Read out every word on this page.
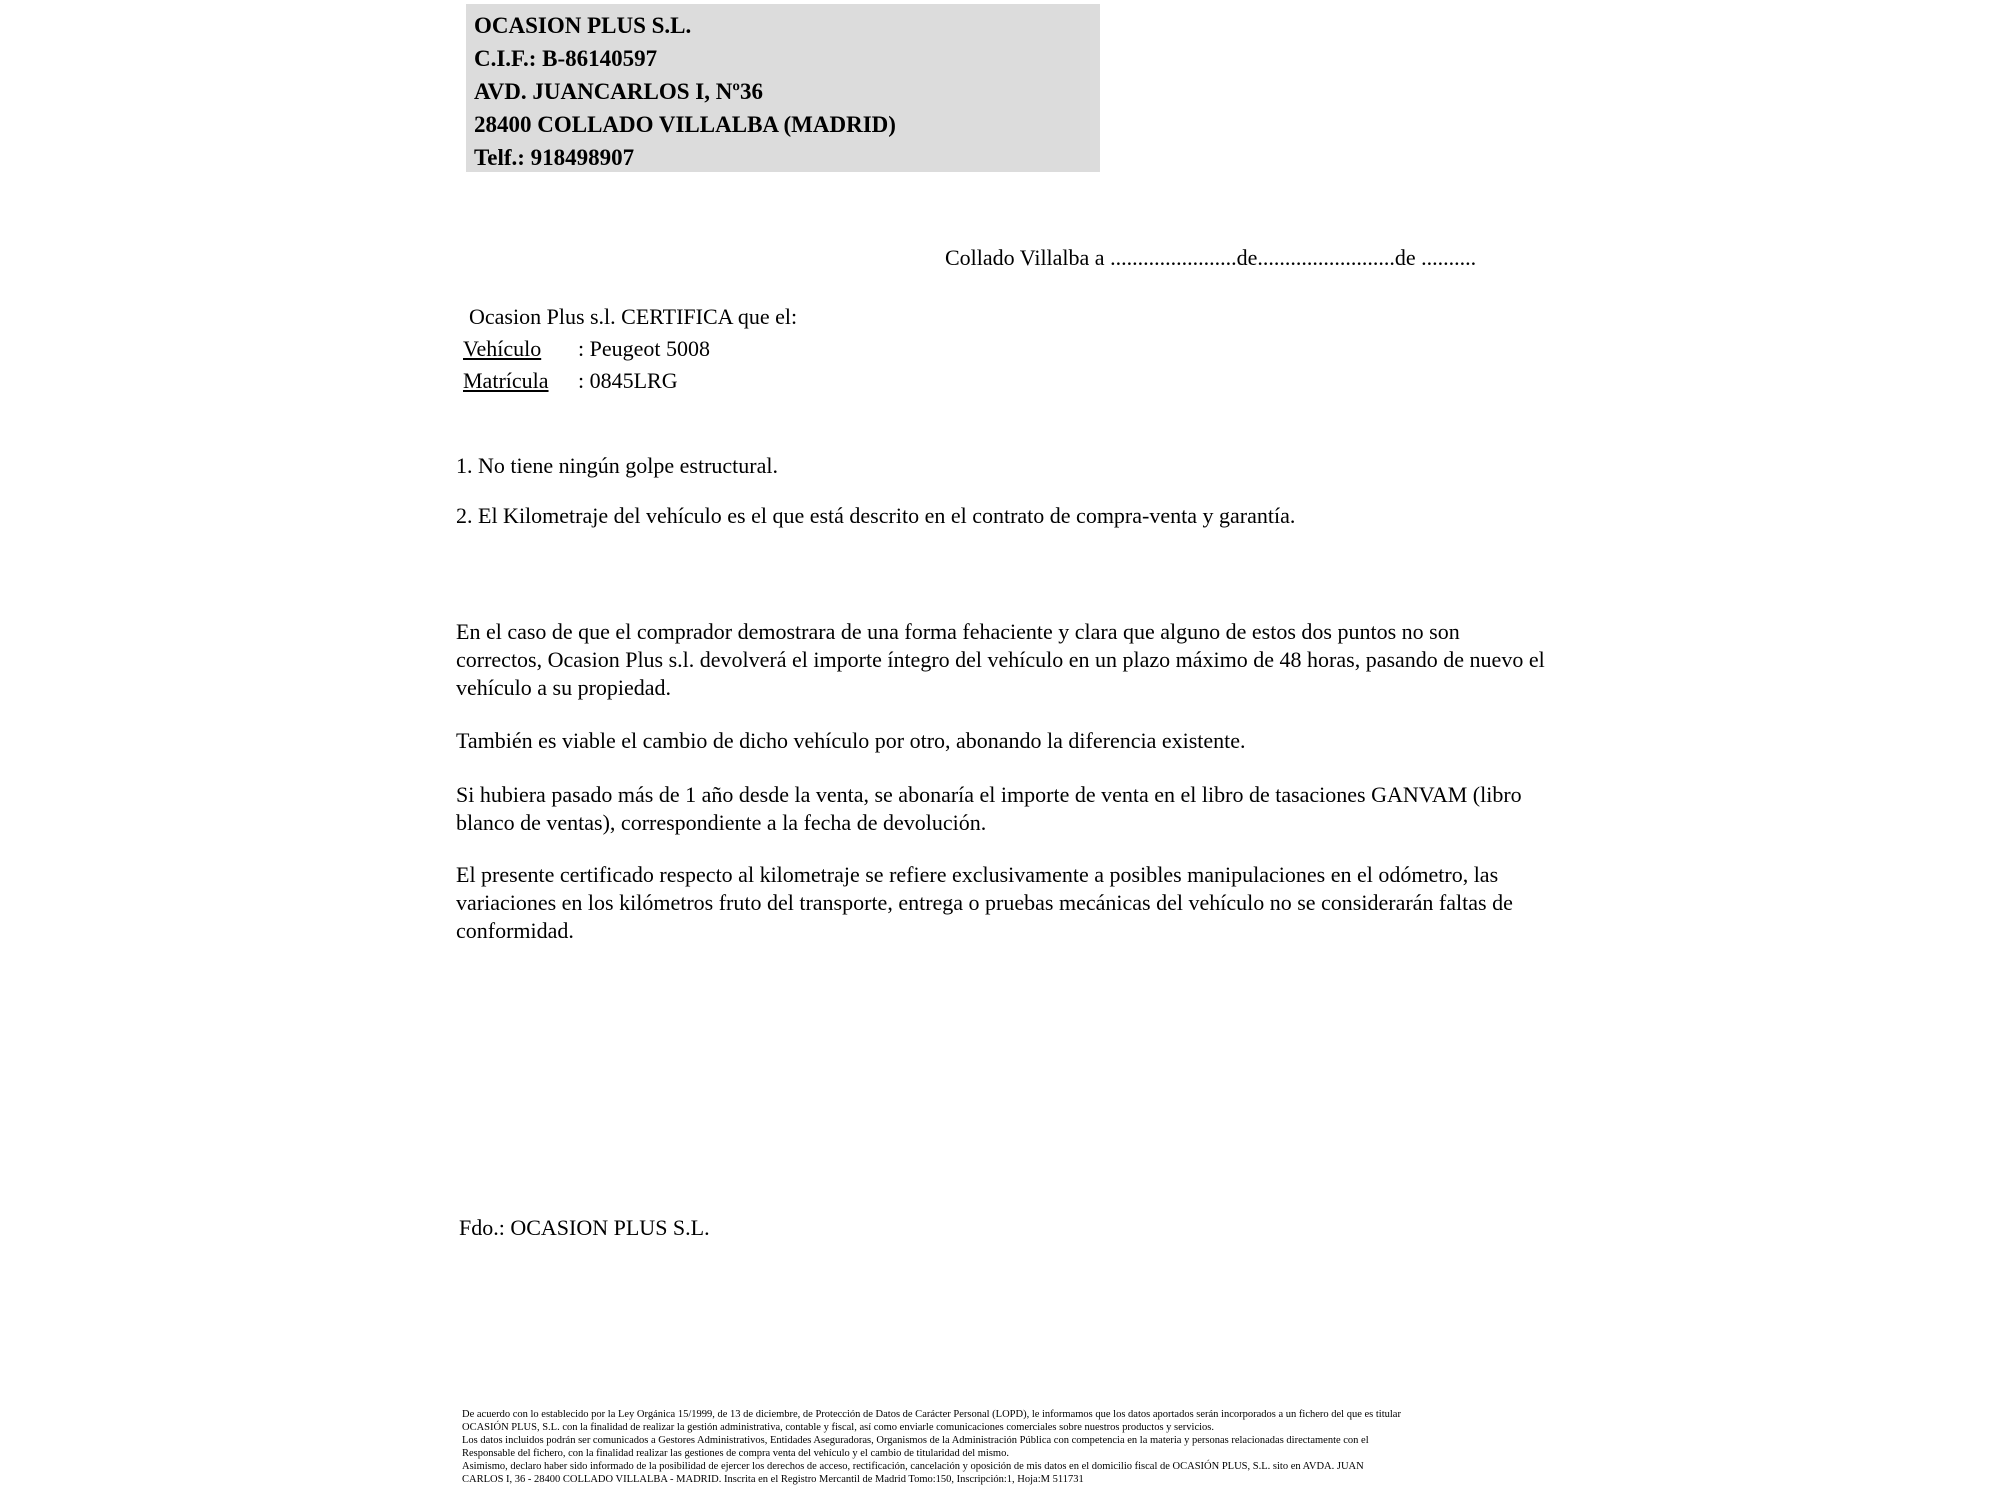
OCASION PLUS S.L.
C.I.F.: B-86140597
AVD. JUANCARLOS I, Nº36
28400 COLLADO VILLALBA (MADRID)
Telf.: 918498907
Collado Villalba a .......................de.........................de ..........
Ocasion Plus s.l. CERTIFICA que el:
Vehículo : Peugeot 5008
Matrícula : 0845LRG
1. No tiene ningún golpe estructural.
2. El Kilometraje del vehículo es el que está descrito en el contrato de compra-venta y garantía.
En el caso de que el comprador demostrara de una forma fehaciente y clara que alguno de estos dos puntos no son correctos, Ocasion Plus s.l. devolverá el importe íntegro del vehículo en un plazo máximo de 48 horas, pasando de nuevo el vehículo a su propiedad.
También es viable el cambio de dicho vehículo por otro, abonando la diferencia existente.
Si hubiera pasado más de 1 año desde la venta, se abonaría el importe de venta en el libro de tasaciones GANVAM (libro blanco de ventas), correspondiente a la fecha de devolución.
El presente certificado respecto al kilometraje se refiere exclusivamente a posibles manipulaciones en el odómetro, las variaciones en los kilómetros fruto del transporte, entrega o pruebas mecánicas del vehículo no se considerarán faltas de conformidad.
Fdo.: OCASION PLUS S.L.
De acuerdo con lo establecido por la Ley Orgánica 15/1999, de 13 de diciembre, de Protección de Datos de Carácter Personal (LOPD), le informamos que los datos aportados serán incorporados a un fichero del que es titular
OCASIÓN PLUS, S.L. con la finalidad de realizar la gestión administrativa, contable y fiscal, así como enviarle comunicaciones comerciales sobre nuestros productos y servicios.
Los datos incluidos podrán ser comunicados a Gestores Administrativos, Entidades Aseguradoras, Organismos de la Administración Pública con competencia en la materia y personas relacionadas directamente con el
Responsable del fichero, con la finalidad realizar las gestiones de compra venta del vehículo y el cambio de titularidad del mismo.
Asimismo, declaro haber sido informado de la posibilidad de ejercer los derechos de acceso, rectificación, cancelación y oposición de mis datos en el domicilio fiscal de OCASIÓN PLUS, S.L. sito en AVDA. JUAN
CARLOS I, 36 - 28400 COLLADO VILLALBA - MADRID. Inscrita en el Registro Mercantil de Madrid Tomo:150, Inscripción:1, Hoja:M 511731
